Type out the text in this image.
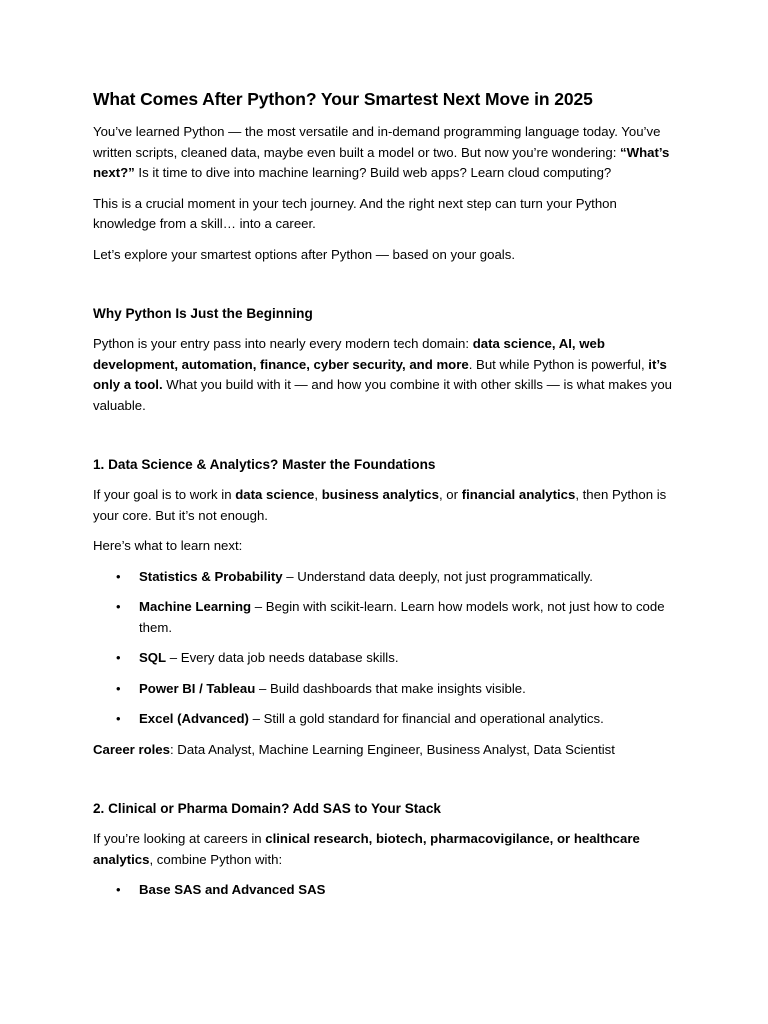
What Comes After Python? Your Smartest Next Move in 2025

You’ve learned Python — the most versatile and in-demand programming language today. You’ve written scripts, cleaned data, maybe even built a model or two. But now you’re wondering: “What’s next?” Is it time to dive into machine learning? Build web apps? Learn cloud computing?

This is a crucial moment in your tech journey. And the right next step can turn your Python knowledge from a skill… into a career.

Let’s explore your smartest options after Python — based on your goals.

Why Python Is Just the Beginning

Python is your entry pass into nearly every modern tech domain: data science, AI, web development, automation, finance, cyber security, and more. But while Python is powerful, it’s only a tool. What you build with it — and how you combine it with other skills — is what makes you valuable.

1. Data Science & Analytics? Master the Foundations

If your goal is to work in data science, business analytics, or financial analytics, then Python is your core. But it’s not enough.

Here’s what to learn next:

• Statistics & Probability – Understand data deeply, not just programmatically.
• Machine Learning – Begin with scikit-learn. Learn how models work, not just how to code them.
• SQL – Every data job needs database skills.
• Power BI / Tableau – Build dashboards that make insights visible.
• Excel (Advanced) – Still a gold standard for financial and operational analytics.

Career roles: Data Analyst, Machine Learning Engineer, Business Analyst, Data Scientist

2. Clinical or Pharma Domain? Add SAS to Your Stack

If you’re looking at careers in clinical research, biotech, pharmacovigilance, or healthcare analytics, combine Python with:

• Base SAS and Advanced SAS
